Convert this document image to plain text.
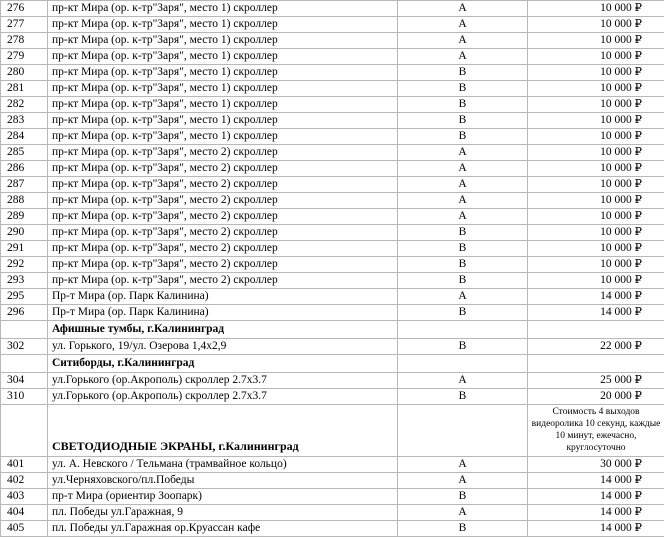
276	пр-кт Мира (ор. к-тр"Заря", место 1) скроллер	A	10 000 ₽
277	пр-кт Мира (ор. к-тр"Заря", место 1) скроллер	A	10 000 ₽
278	пр-кт Мира (ор. к-тр"Заря", место 1) скроллер	A	10 000 ₽
279	пр-кт Мира (ор. к-тр"Заря", место 1) скроллер	A	10 000 ₽
280	пр-кт Мира (ор. к-тр"Заря", место 1) скроллер	B	10 000 ₽
281	пр-кт Мира (ор. к-тр"Заря", место 1) скроллер	B	10 000 ₽
282	пр-кт Мира (ор. к-тр"Заря", место 1) скроллер	B	10 000 ₽
283	пр-кт Мира (ор. к-тр"Заря", место 1) скроллер	B	10 000 ₽
284	пр-кт Мира (ор. к-тр"Заря", место 1) скроллер	B	10 000 ₽
285	пр-кт Мира (ор. к-тр"Заря", место 2) скроллер	A	10 000 ₽
286	пр-кт Мира (ор. к-тр"Заря", место 2) скроллер	A	10 000 ₽
287	пр-кт Мира (ор. к-тр"Заря", место 2) скроллер	A	10 000 ₽
288	пр-кт Мира (ор. к-тр"Заря", место 2) скроллер	A	10 000 ₽
289	пр-кт Мира (ор. к-тр"Заря", место 2) скроллер	A	10 000 ₽
290	пр-кт Мира (ор. к-тр"Заря", место 2) скроллер	B	10 000 ₽
291	пр-кт Мира (ор. к-тр"Заря", место 2) скроллер	B	10 000 ₽
292	пр-кт Мира (ор. к-тр"Заря", место 2) скроллер	B	10 000 ₽
293	пр-кт Мира (ор. к-тр"Заря", место 2) скроллер	B	10 000 ₽
295	Пр-т Мира (ор. Парк Калинина)	A	14 000 ₽
296	Пр-т Мира (ор. Парк Калинина)	B	14 000 ₽
	Афишные тумбы, г.Калининград		
302	ул. Горького, 19/ул. Озерова 1,4х2,9	B	22 000 ₽
	Ситиборды, г.Калининград		
304	ул.Горького (ор.Акрополь) скроллер 2.7х3.7	A	25 000 ₽
310	ул.Горького (ор.Акрополь) скроллер 2.7х3.7	B	20 000 ₽
	СВЕТОДИОДНЫЕ ЭКРАНЫ, г.Калининград		Стоимость 4 выходов видеоролика 10 секунд, каждые 10 минут, ежечасно, круглосуточно
401	ул. А. Невского / Тельмана (трамвайное кольцо)	A	30 000 ₽
402	ул.Черняховского/пл.Победы	A	14 000 ₽
403	пр-т Мира (ориентир Зоопарк)	B	14 000 ₽
404	пл. Победы ул.Гаражная, 9	A	14 000 ₽
405	пл. Победы ул.Гаражная ор.Круассан кафе	B	14 000 ₽
